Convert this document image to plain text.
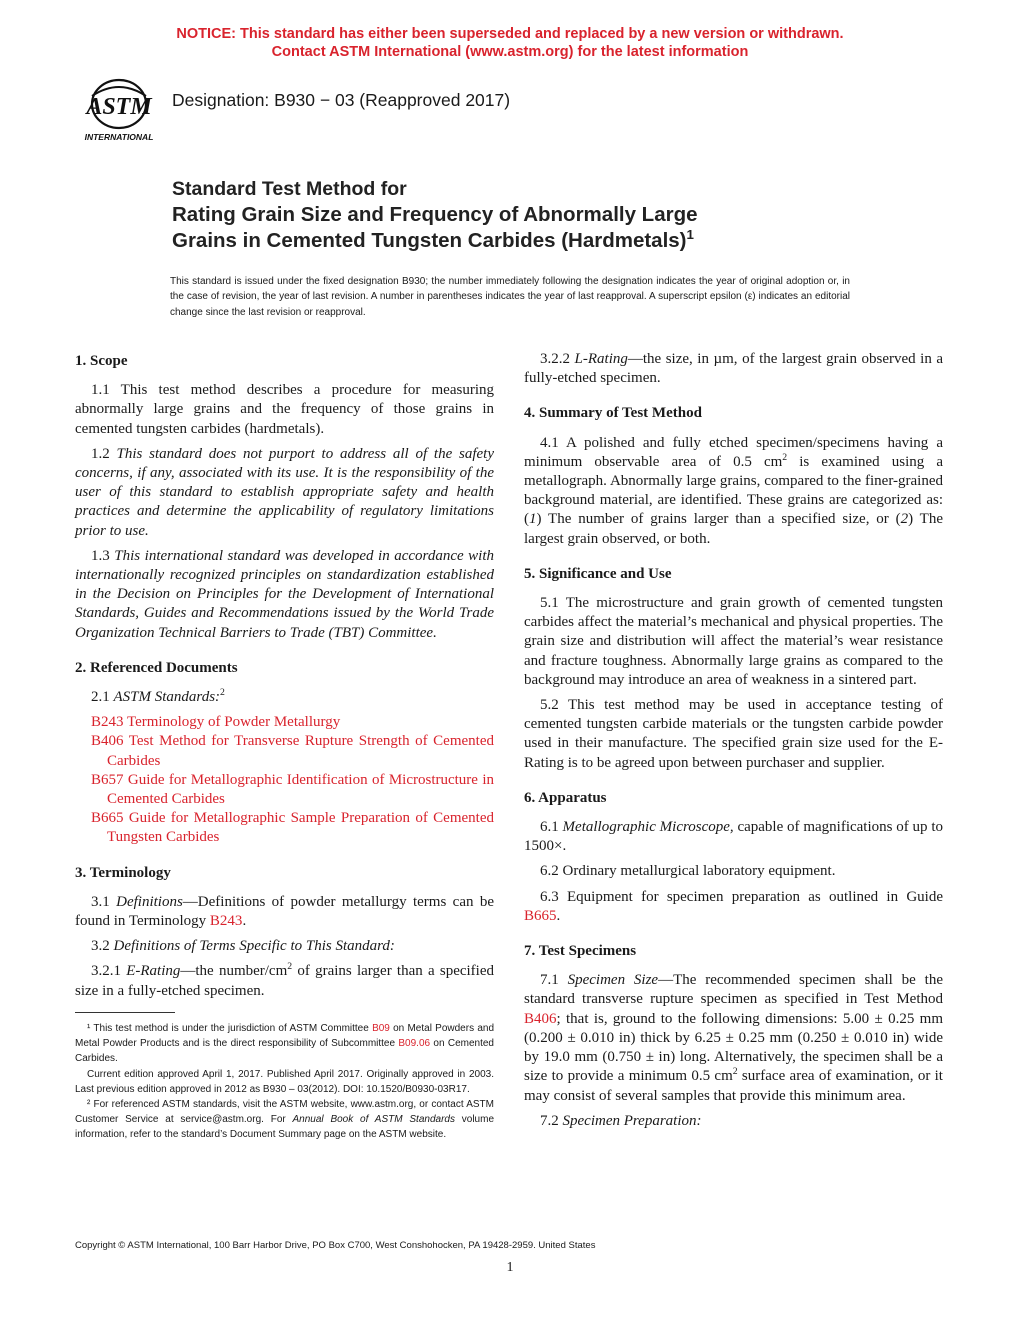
NOTICE: This standard has either been superseded and replaced by a new version or withdrawn.
Contact ASTM International (www.astm.org) for the latest information
ASTM
INTERNATIONAL
Designation: B930 − 03 (Reapproved 2017)
Standard Test Method for
Rating Grain Size and Frequency of Abnormally Large
Grains in Cemented Tungsten Carbides (Hardmetals)$^1$
This standard is issued under the fixed designation B930; the number immediately following the designation indicates the year of original adoption or, in the case of revision, the year of last revision. A number in parentheses indicates the year of last reapproval. A superscript epsilon (ε) indicates an editorial change since the last revision or reapproval.
1. Scope

1.1 This test method describes a procedure for measuring abnormally large grains and the frequency of those grains in cemented tungsten carbides (hardmetals).

1.2 This standard does not purport to address all of the safety concerns, if any, associated with its use. It is the responsibility of the user of this standard to establish appropriate safety and health practices and determine the applicability of regulatory limitations prior to use.

1.3 This international standard was developed in accordance with internationally recognized principles on standardization established in the Decision on Principles for the Development of International Standards, Guides and Recommendations issued by the World Trade Organization Technical Barriers to Trade (TBT) Committee.

2. Referenced Documents

2.1 ASTM Standards:$^2$

B243 Terminology of Powder Metallurgy
B406 Test Method for Transverse Rupture Strength of Cemented Carbides
B657 Guide for Metallographic Identification of Microstructure in Cemented Carbides
B665 Guide for Metallographic Sample Preparation of Cemented Tungsten Carbides
3. Terminology

3.1 Definitions—Definitions of powder metallurgy terms can be found in Terminology B243.

3.2 Definitions of Terms Specific to This Standard:

3.2.1 E-Rating—the number/$cm^2$ of grains larger than a specified size in a fully-etched specimen.

3.2.2 L-Rating—the size, in µm, of the largest grain observed in a fully-etched specimen.

4. Summary of Test Method

4.1 A polished and fully etched specimen/specimens having a minimum observable area of 0.5 $cm^2$ is examined using a metallograph. Abnormally large grains, compared to the finer-grained background material, are identified. These grains are categorized as: (1) The number of grains larger than a specified size, or (2) The largest grain observed, or both.

5. Significance and Use

5.1 The microstructure and grain growth of cemented tungsten carbides affect the material’s mechanical and physical properties. The grain size and distribution will affect the material’s wear resistance and fracture toughness. Abnormally large grains as compared to the background may introduce an area of weakness in a sintered part.

5.2 This test method may be used in acceptance testing of cemented tungsten carbide materials or the tungsten carbide powder used in their manufacture. The specified grain size used for the E-Rating is to be agreed upon between purchaser and supplier.

6. Apparatus

6.1 Metallographic Microscope, capable of magnifications of up to 1500×.

6.2 Ordinary metallurgical laboratory equipment.

6.3 Equipment for specimen preparation as outlined in Guide B665.

7. Test Specimens

7.1 Specimen Size—The recommended specimen shall be the standard transverse rupture specimen as specified in Test Method B406; that is, ground to the following dimensions: 5.00 ± 0.25 mm (0.200 ± 0.010 in) thick by 6.25 ± 0.25 mm (0.250 ± 0.010 in) wide by 19.0 mm (0.750 ± in) long. Alternatively, the specimen shall be a size to provide a minimum 0.5 $cm^2$ surface area of examination, or it may consist of several samples that provide this minimum area.

7.2 Specimen Preparation:

¹ This test method is under the jurisdiction of ASTM Committee B09 on Metal Powders and Metal Powder Products and is the direct responsibility of Subcommittee B09.06 on Cemented Carbides.

Current edition approved April 1, 2017. Published April 2017. Originally approved in 2003. Last previous edition approved in 2012 as B930 – 03(2012). DOI: 10.1520/B0930-03R17.

² For referenced ASTM standards, visit the ASTM website, www.astm.org, or contact ASTM Customer Service at service@astm.org. For Annual Book of ASTM Standards volume information, refer to the standard’s Document Summary page on the ASTM website.

Copyright © ASTM International, 100 Barr Harbor Drive, PO Box C700, West Conshohocken, PA 19428-2959. United States
1
